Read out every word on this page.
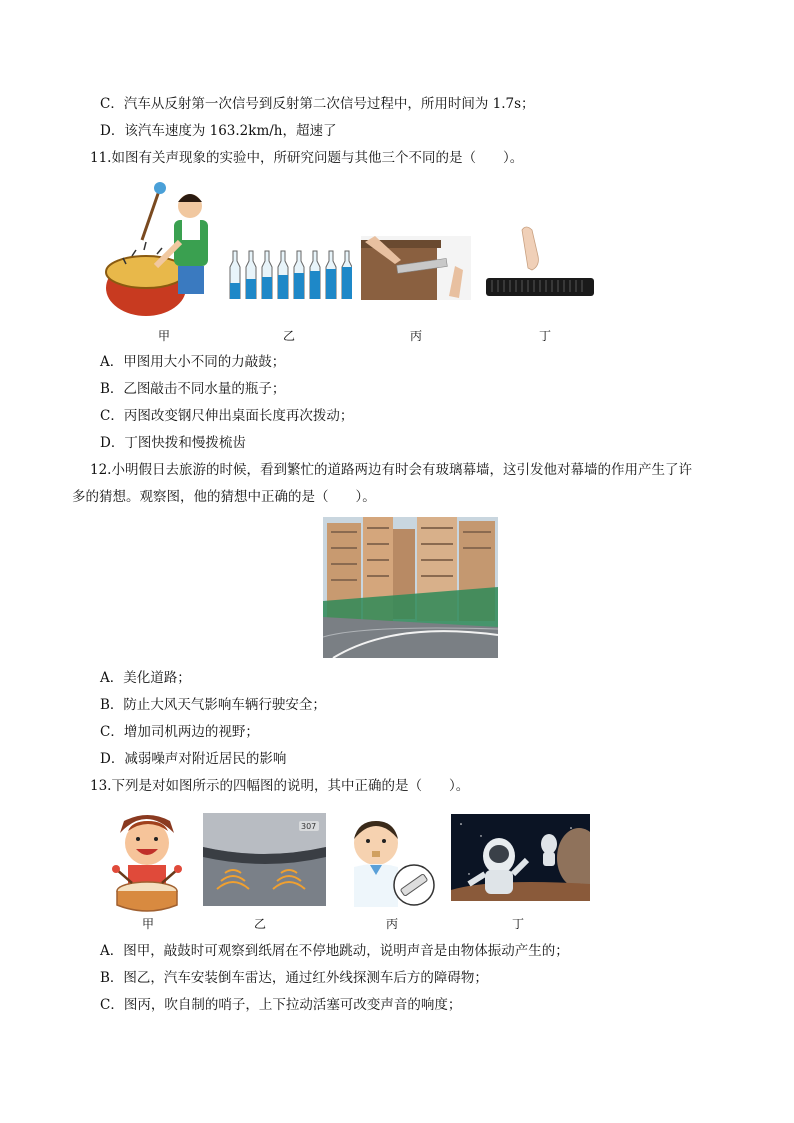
C．汽车从反射第一次信号到反射第二次信号过程中，所用时间为 1.7s；
D．该汽车速度为 163.2km/h，超速了
11.如图有关声现象的实验中，所研究问题与其他三个不同的是（　　）。
甲	乙	丙	丁
A．甲图用大小不同的力敲鼓；
B．乙图敲击不同水量的瓶子；
C．丙图改变钢尺伸出桌面长度再次拨动；
D．丁图快拨和慢拨梳齿
12.小明假日去旅游的时候，看到繁忙的道路两边有时会有玻璃幕墙，这引发他对幕墙的作用产生了许
多的猜想。观察图，他的猜想中正确的是（　　）。
A．美化道路；
B．防止大风天气影响车辆行驶安全；
C．增加司机两边的视野；
D．减弱噪声对附近居民的影响
13.下列是对如图所示的四幅图的说明，其中正确的是（　　）。
307
甲	乙	丙	丁
A．图甲，敲鼓时可观察到纸屑在不停地跳动，说明声音是由物体振动产生的；
B．图乙，汽车安装倒车雷达，通过红外线探测车后方的障碍物；
C．图丙，吹自制的哨子，上下拉动活塞可改变声音的响度；
